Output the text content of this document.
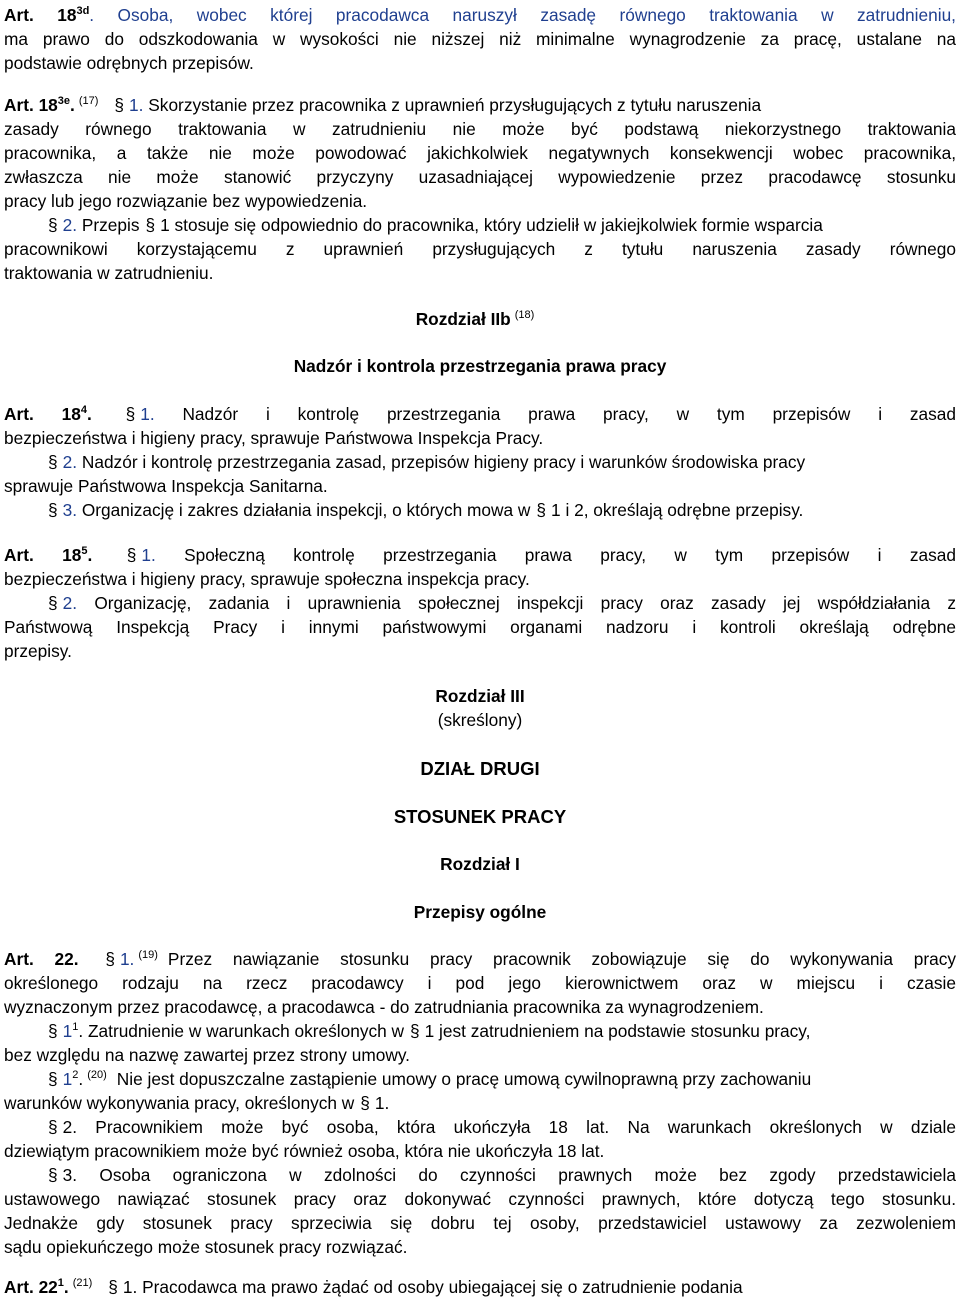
Art. $18^{3d}$. Osoba, wobec której pracodawca naruszył zasadę równego traktowania w zatrudnieniu,
ma prawo do odszkodowania w wysokości nie niższej niż minimalne wynagrodzenie za pracę, ustalane na
podstawie odrębnych przepisów.
Art. $18^{3e}$. $^{(17)}$ § 1. Skorzystanie przez pracownika z uprawnień przysługujących z tytułu naruszenia
zasady równego traktowania w zatrudnieniu nie może być podstawą niekorzystnego traktowania
pracownika, a także nie może powodować jakichkolwiek negatywnych konsekwencji wobec pracownika,
zwłaszcza nie może stanowić przyczyny uzasadniającej wypowiedzenie przez pracodawcę stosunku
pracy lub jego rozwiązanie bez wypowiedzenia.
§ 2. Przepis § 1 stosuje się odpowiednio do pracownika, który udzielił w jakiejkolwiek formie wsparcia
pracownikowi korzystającemu z uprawnień przysługujących z tytułu naruszenia zasady równego
traktowania w zatrudnieniu.
Rozdział IIb $^{(18)}$
Nadzór i kontrola przestrzegania prawa pracy
Art. $18^4$. § 1. Nadzór i kontrolę przestrzegania prawa pracy, w tym przepisów i zasad
bezpieczeństwa i higieny pracy, sprawuje Państwowa Inspekcja Pracy.
§ 2. Nadzór i kontrolę przestrzegania zasad, przepisów higieny pracy i warunków środowiska pracy
sprawuje Państwowa Inspekcja Sanitarna.
§ 3. Organizację i zakres działania inspekcji, o których mowa w § 1 i 2, określają odrębne przepisy.
Art. $18^5$. § 1. Społeczną kontrolę przestrzegania prawa pracy, w tym przepisów i zasad
bezpieczeństwa i higieny pracy, sprawuje społeczna inspekcja pracy.
§ 2. Organizację, zadania i uprawnienia społecznej inspekcji pracy oraz zasady jej współdziałania z
Państwową Inspekcją Pracy i innymi państwowymi organami nadzoru i kontroli określają odrębne
przepisy.
Rozdział III
(skreślony)
DZIAŁ DRUGI
STOSUNEK PRACY
Rozdział I
Przepisy ogólne
Art. 22. § 1. $^{(19)}$ Przez nawiązanie stosunku pracy pracownik zobowiązuje się do wykonywania pracy
określonego rodzaju na rzecz pracodawcy i pod jego kierownictwem oraz w miejscu i czasie
wyznaczonym przez pracodawcę, a pracodawca - do zatrudniania pracownika za wynagrodzeniem.
§ $1^1$. Zatrudnienie w warunkach określonych w § 1 jest zatrudnieniem na podstawie stosunku pracy,
bez względu na nazwę zawartej przez strony umowy.
§ $1^2$. $^{(20)}$ Nie jest dopuszczalne zastąpienie umowy o pracę umową cywilnoprawną przy zachowaniu
warunków wykonywania pracy, określonych w § 1.
§ 2. Pracownikiem może być osoba, która ukończyła 18 lat. Na warunkach określonych w dziale
dziewiątym pracownikiem może być również osoba, która nie ukończyła 18 lat.
§ 3. Osoba ograniczona w zdolności do czynności prawnych może bez zgody przedstawiciela
ustawowego nawiązać stosunek pracy oraz dokonywać czynności prawnych, które dotyczą tego stosunku.
Jednakże gdy stosunek pracy sprzeciwia się dobru tej osoby, przedstawiciel ustawowy za zezwoleniem
sądu opiekuńczego może stosunek pracy rozwiązać.
Art. $22^1$. $^{(21)}$ § 1. Pracodawca ma prawo żądać od osoby ubiegającej się o zatrudnienie podania
